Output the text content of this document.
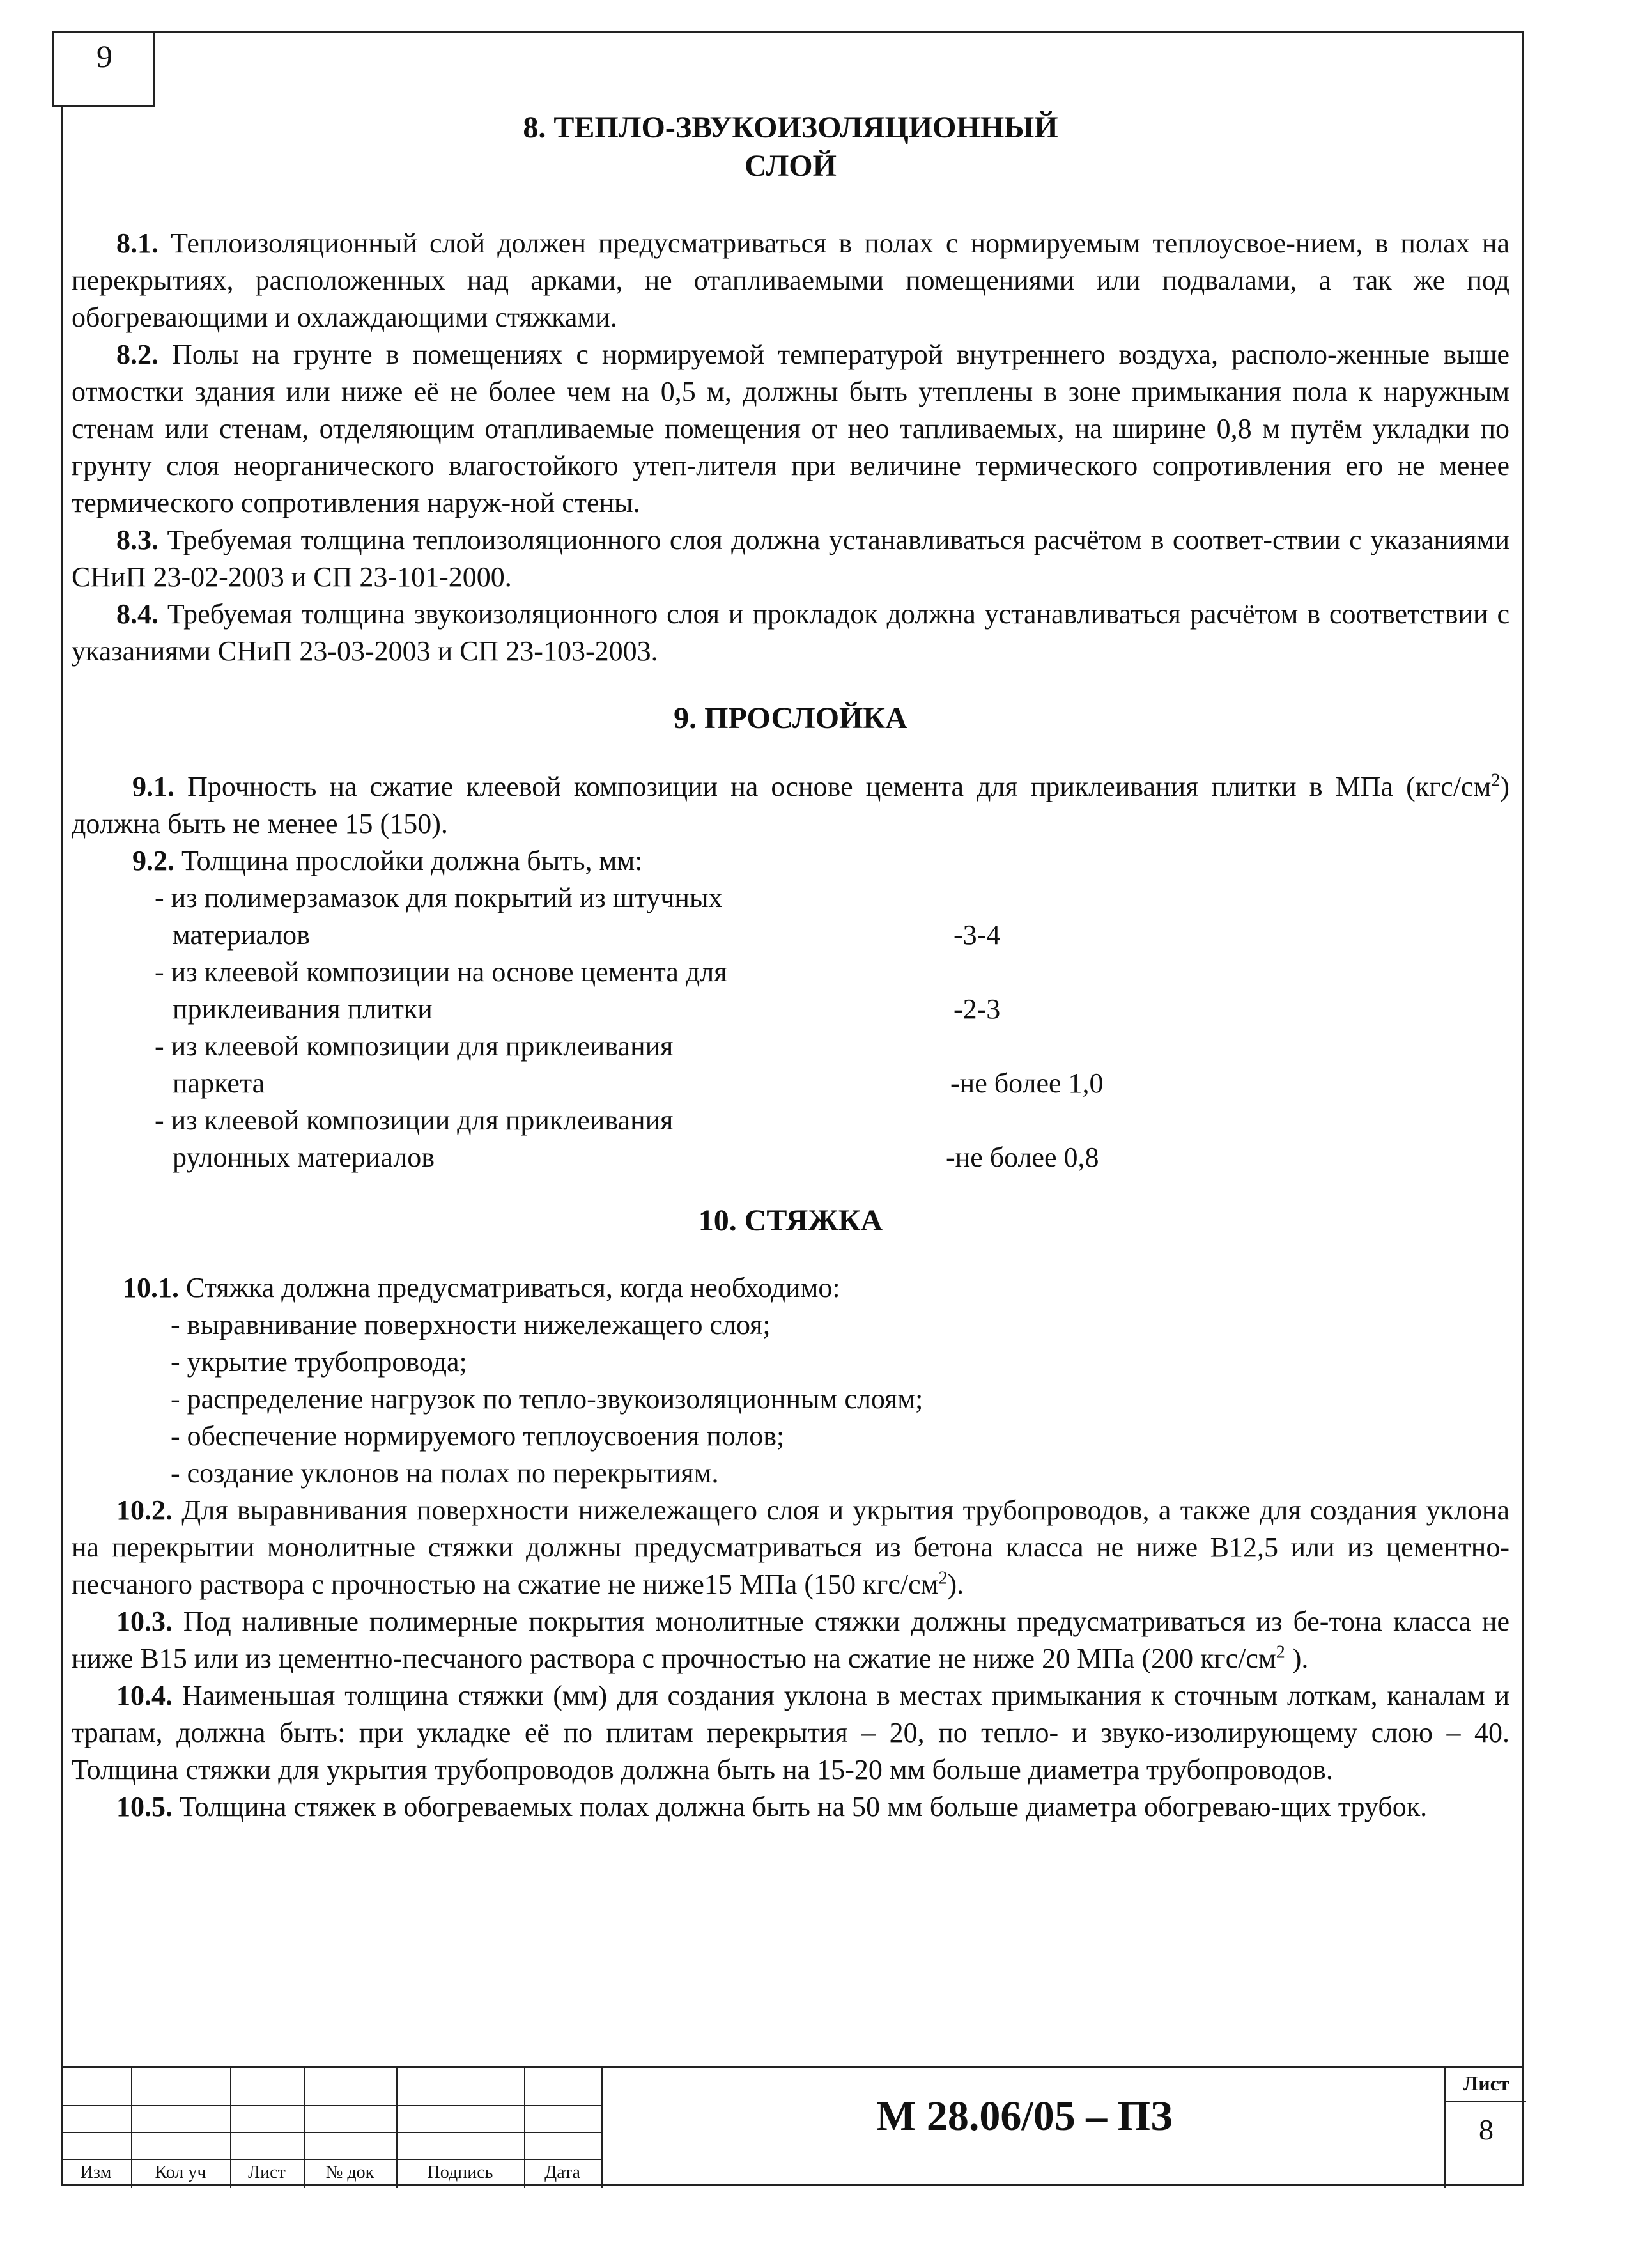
9
8. ТЕПЛО-ЗВУКОИЗОЛЯЦИОННЫЙ
СЛОЙ

8.1. Теплоизоляционный слой должен предусматриваться в полах с нормируемым теплоусвое-нием, в полах на перекрытиях, расположенных над арками, не отапливаемыми помещениями или подвалами, а так же под обогревающими и охлаждающими стяжками.

8.2. Полы на грунте в помещениях с нормируемой температурой внутреннего воздуха, располо-женные выше отмостки здания или ниже её не более чем на 0,5 м, должны быть утеплены в зоне примыкания пола к наружным стенам или стенам, отделяющим отапливаемые помещения от нео тапливаемых, на ширине 0,8 м путём укладки по грунту слоя неорганического влагостойкого утеп-лителя при величине термического сопротивления его не менее термического сопротивления наруж-ной стены.

8.3. Требуемая толщина теплоизоляционного слоя должна устанавливаться расчётом в соответ-ствии с указаниями СНиП 23-02-2003 и СП 23-101-2000.

8.4. Требуемая толщина звукоизоляционного слоя и прокладок должна устанавливаться расчётом в соответствии с указаниями СНиП 23-03-2003 и СП 23-103-2003.

9. ПРОСЛОЙКА

9.1. Прочность на сжатие клеевой композиции на основе цемента для приклеивания плитки в МПа $(кгс/см^2)$ должна быть не менее 15 (150).

9.2. Толщина прослойки должна быть, мм:

- из полимерзамазок для покрытий из штучных
материалов	-3-4
- из клеевой композиции на основе цемента для
приклеивания плитки	-2-3
- из клеевой композиции для приклеивания
паркета	-не более 1,0
- из клеевой композиции для приклеивания
рулонных материалов	-не более 0,8
10. СТЯЖКА

10.1. Стяжка должна предусматриваться, когда необходимо:

- выравнивание поверхности нижележащего слоя;
- укрытие трубопровода;
- распределение нагрузок по тепло-звукоизоляционным слоям;
- обеспечение нормируемого теплоусвоения полов;
- создание уклонов на полах по перекрытиям.

10.2. Для выравнивания поверхности нижележащего слоя и укрытия трубопроводов, а также для создания уклона на перекрытии монолитные стяжки должны предусматриваться из бетона класса не ниже В12,5 или из цементно-песчаного раствора с прочностью на сжатие не ниже15 МПа (150 кгс/$см^2$).

10.3. Под наливные полимерные покрытия монолитные стяжки должны предусматриваться из бе-тона класса не ниже В15 или из цементно-песчаного раствора с прочностью на сжатие не ниже 20 МПа (200 кгс/$см^2$ ).

10.4. Наименьшая толщина стяжки (мм) для создания уклона в местах примыкания к сточным лоткам, каналам и трапам, должна быть: при укладке её по плитам перекрытия – 20, по тепло- и звуко-изолирующему слою – 40. Толщина стяжки для укрытия трубопроводов должна быть на 15-20 мм больше диаметра трубопроводов.

10.5. Толщина стяжек в обогреваемых полах должна быть на 50 мм больше диаметра обогреваю-щих трубок.

Изм	Кол уч	Лист	№ док	Подпись	Дата
М 28.06/05 – ПЗ
Лист
8
